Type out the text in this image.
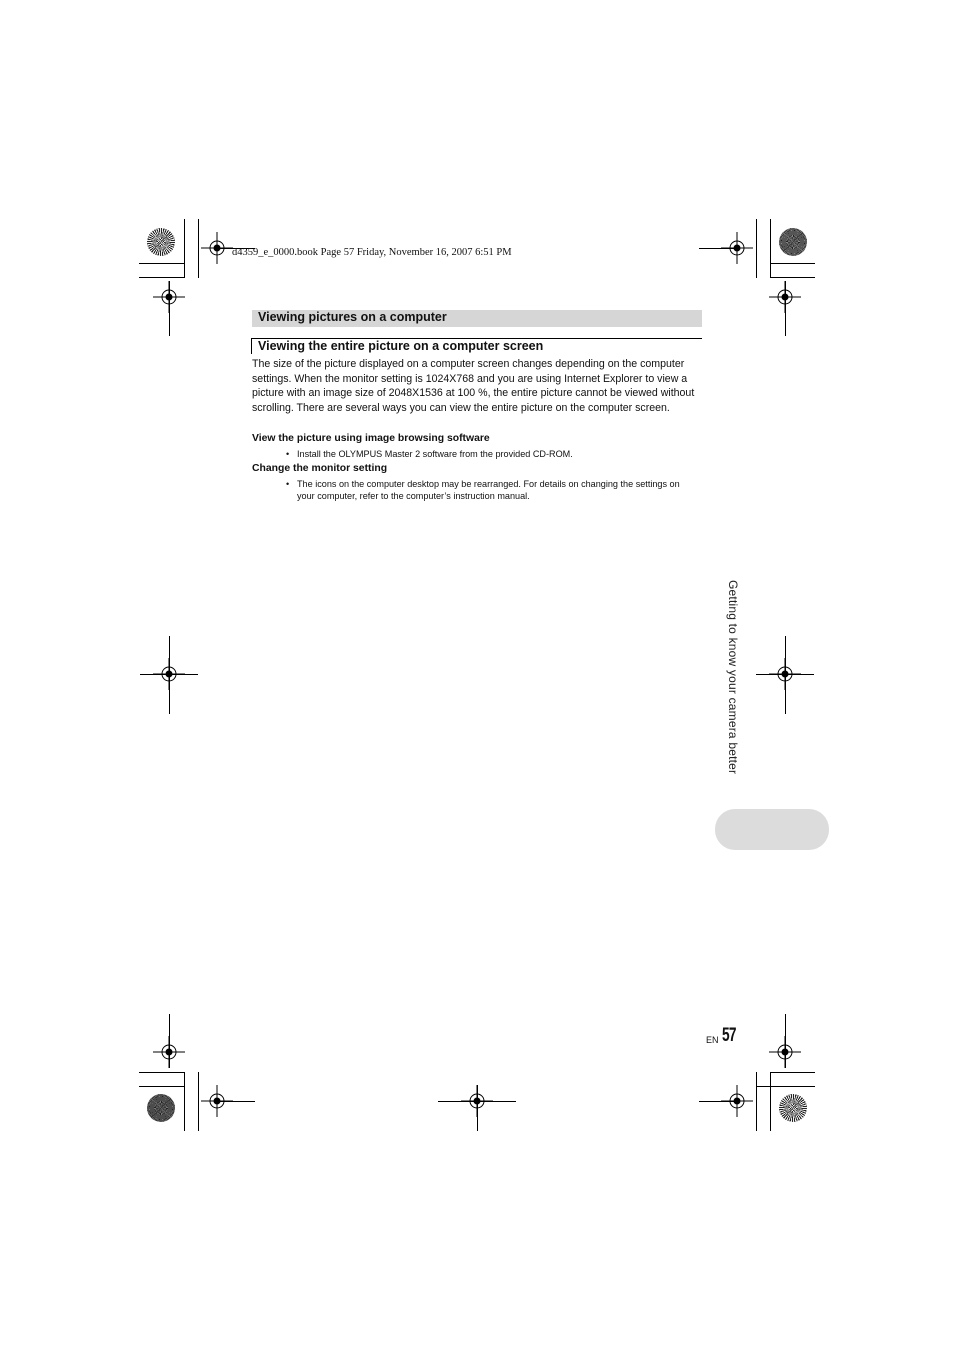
d4359_e_0000.book Page 57 Friday, November 16, 2007 6:51 PM
Viewing pictures on a computer
Viewing the entire picture on a computer screen
The size of the picture displayed on a computer screen changes depending on the computer settings. When the monitor setting is 1024X768 and you are using Internet Explorer to view a picture with an image size of 2048X1536 at 100 %, the entire picture cannot be viewed without scrolling. There are several ways you can view the entire picture on the computer screen.
View the picture using image browsing software
• Install the OLYMPUS Master 2 software from the provided CD-ROM.
Change the monitor setting
• The icons on the computer desktop may be rearranged. For details on changing the settings on your computer, refer to the computer’s instruction manual.
Getting to know your camera better
EN 57
